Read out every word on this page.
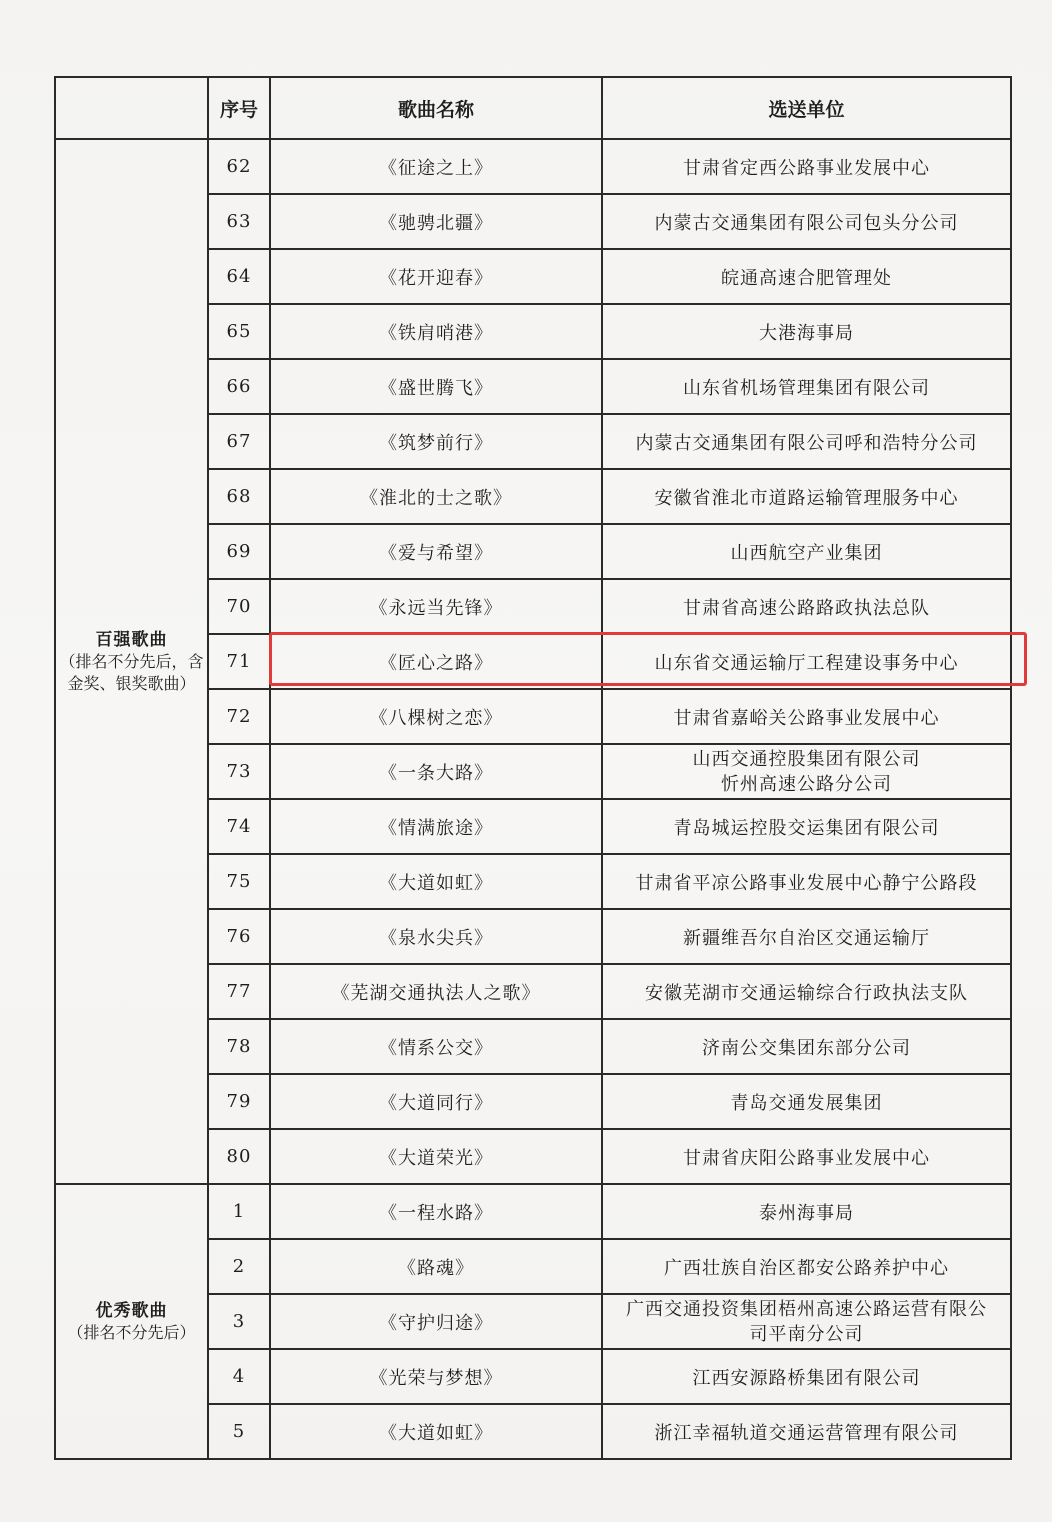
	序号	歌曲名称	选送单位

百强歌曲
（排名不分先后，含金奖、银奖歌曲）	62	《征途之上》	甘肃省定西公路事业发展中心
	63	《驰骋北疆》	内蒙古交通集团有限公司包头分公司
	64	《花开迎春》	皖通高速合肥管理处
	65	《铁肩哨港》	大港海事局
	66	《盛世腾飞》	山东省机场管理集团有限公司
	67	《筑梦前行》	内蒙古交通集团有限公司呼和浩特分公司
	68	《淮北的士之歌》	安徽省淮北市道路运输管理服务中心
	69	《爱与希望》	山西航空产业集团
	70	《永远当先锋》	甘肃省高速公路路政执法总队
	71	《匠心之路》	山东省交通运输厅工程建设事务中心
	72	《八棵树之恋》	甘肃省嘉峪关公路事业发展中心
	73	《一条大路》	山西交通控股集团有限公司
忻州高速公路分公司

	74	《情满旅途》	青岛城运控股交运集团有限公司
	75	《大道如虹》	甘肃省平凉公路事业发展中心静宁公路段
	76	《泉水尖兵》	新疆维吾尔自治区交通运输厅
	77	《芜湖交通执法人之歌》	安徽芜湖市交通运输综合行政执法支队
	78	《情系公交》	济南公交集团东部分公司
	79	《大道同行》	青岛交通发展集团
	80	《大道荣光》	甘肃省庆阳公路事业发展中心

优秀歌曲
（排名不分先后）	1	《一程水路》	泰州海事局
	2	《路魂》	广西壮族自治区都安公路养护中心
	3	《守护归途》	广西交通投资集团梧州高速公路运营有限公
司平南分公司

	4	《光荣与梦想》	江西安源路桥集团有限公司
	5	《大道如虹》	浙江幸福轨道交通运营管理有限公司
